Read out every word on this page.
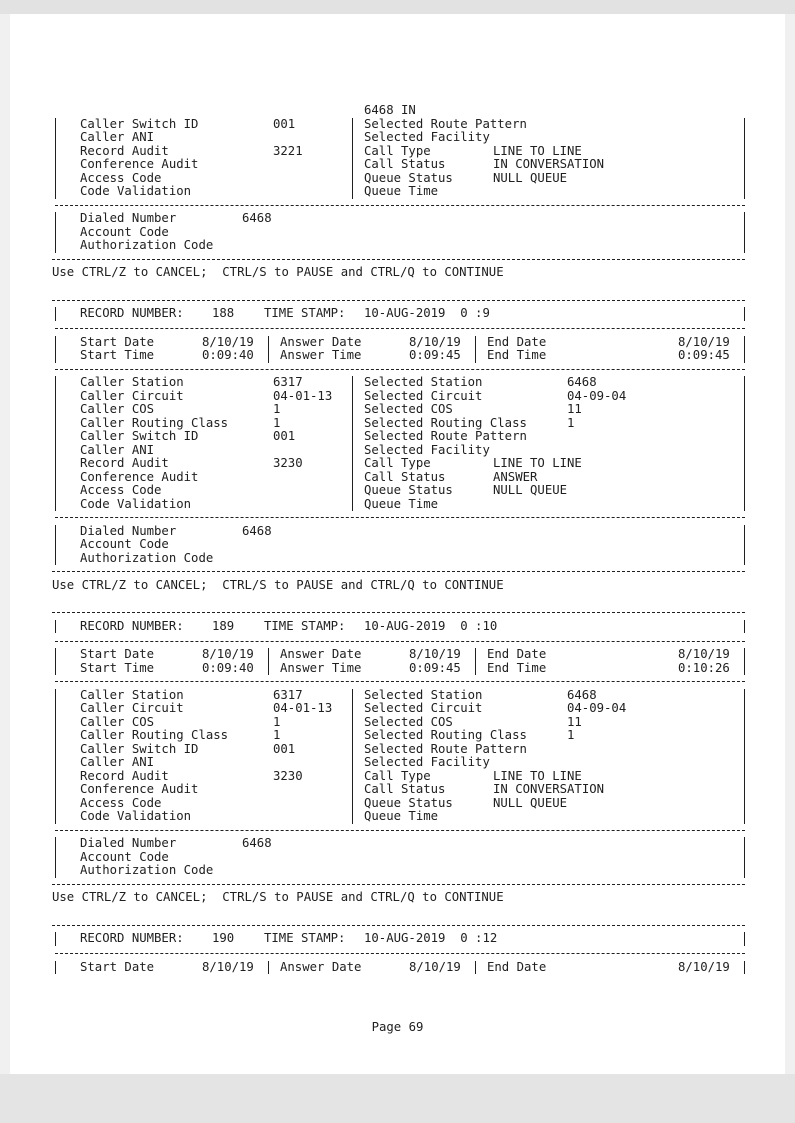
6468 IN
Caller Switch ID	001	Selected Route Pattern
Caller ANI	Selected Facility
Record Audit	3221	Call Type	LINE TO LINE
Conference Audit	Call Status	IN CONVERSATION
Access Code	Queue Status	NULL QUEUE
Code Validation	Queue Time
Dialed Number	6468
Account Code
Authorization Code
Use CTRL/Z to CANCEL;  CTRL/S to PAUSE and CTRL/Q to CONTINUE
RECORD NUMBER: 188 TIME STAMP: 10-AUG-2019  0 :9
Start Date	8/10/19 Answer Date	8/10/19 End Date	8/10/19
Start Time	0:09:40 Answer Time	0:09:45 End Time	0:09:45
Caller Station	6317	Selected Station	6468
Caller Circuit	04-01-13	Selected Circuit	04-09-04
Caller COS	1	Selected COS	11
Caller Routing Class	1	Selected Routing Class	1
Caller Switch ID	001	Selected Route Pattern
Caller ANI	Selected Facility
Record Audit	3230	Call Type	LINE TO LINE
Conference Audit	Call Status	ANSWER
Access Code	Queue Status	NULL QUEUE
Code Validation	Queue Time
Dialed Number	6468
Account Code
Authorization Code
Use CTRL/Z to CANCEL;  CTRL/S to PAUSE and CTRL/Q to CONTINUE
RECORD NUMBER: 189 TIME STAMP: 10-AUG-2019  0 :10
Start Date	8/10/19 Answer Date	8/10/19 End Date	8/10/19
Start Time	0:09:40 Answer Time	0:09:45 End Time	0:10:26
Caller Station	6317	Selected Station	6468
Caller Circuit	04-01-13	Selected Circuit	04-09-04
Caller COS	1	Selected COS	11
Caller Routing Class	1	Selected Routing Class	1
Caller Switch ID	001	Selected Route Pattern
Caller ANI	Selected Facility
Record Audit	3230	Call Type	LINE TO LINE
Conference Audit	Call Status	IN CONVERSATION
Access Code	Queue Status	NULL QUEUE
Code Validation	Queue Time
Dialed Number	6468
Account Code
Authorization Code
Use CTRL/Z to CANCEL;  CTRL/S to PAUSE and CTRL/Q to CONTINUE
RECORD NUMBER: 190 TIME STAMP: 10-AUG-2019  0 :12
Start Date	8/10/19 Answer Date	8/10/19 End Date	8/10/19
Page 69
